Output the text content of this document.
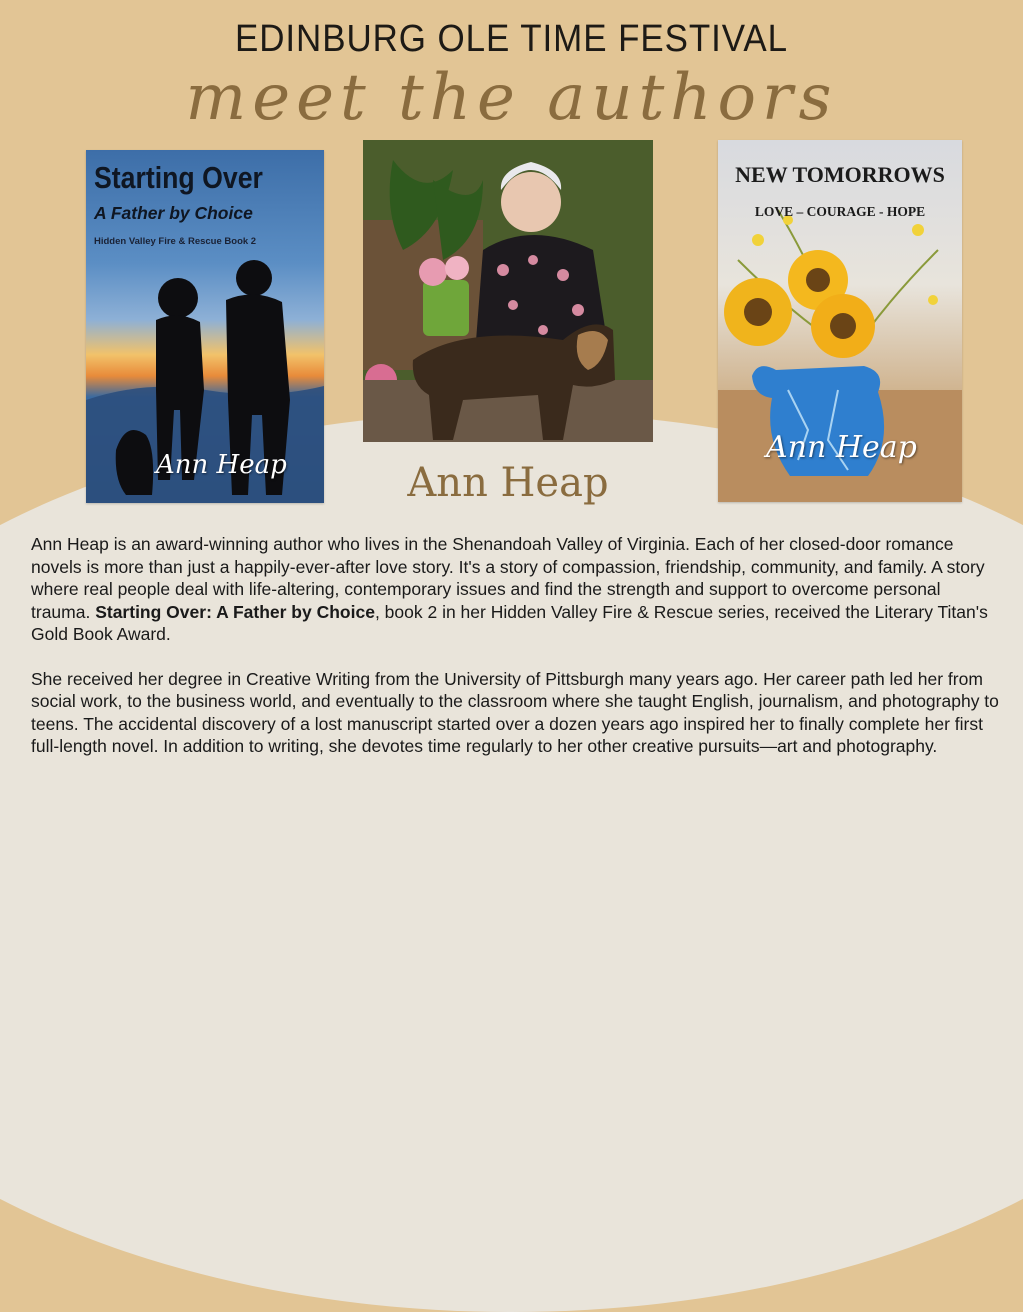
EDINBURG OLE TIME FESTIVAL
meet the authors
Starting Over
A Father by Choice
Hidden Valley Fire & Rescue Book 2
Ann Heap	Ann Heap
NEW TOMORROWS
LOVE – COURAGE - HOPE
Ann Heap

Ann Heap is an award-winning author who lives in the Shenandoah Valley of Virginia. Each of her closed-door romance novels is more than just a happily-ever-after love story. It's a story of compassion, friendship, community, and family. A story where real people deal with life-altering, contemporary issues and find the strength and support to overcome personal trauma. Starting Over: A Father by Choice, book 2 in her Hidden Valley Fire & Rescue series, received the Literary Titan's Gold Book Award.

She received her degree in Creative Writing from the University of Pittsburgh many years ago. Her career path led her from social work, to the business world, and eventually to the classroom where she taught English, journalism, and photography to teens. The accidental discovery of a lost manuscript started over a dozen years ago inspired her to finally complete her first full-length novel. In addition to writing, she devotes time regularly to her other creative pursuits—art and photography.
